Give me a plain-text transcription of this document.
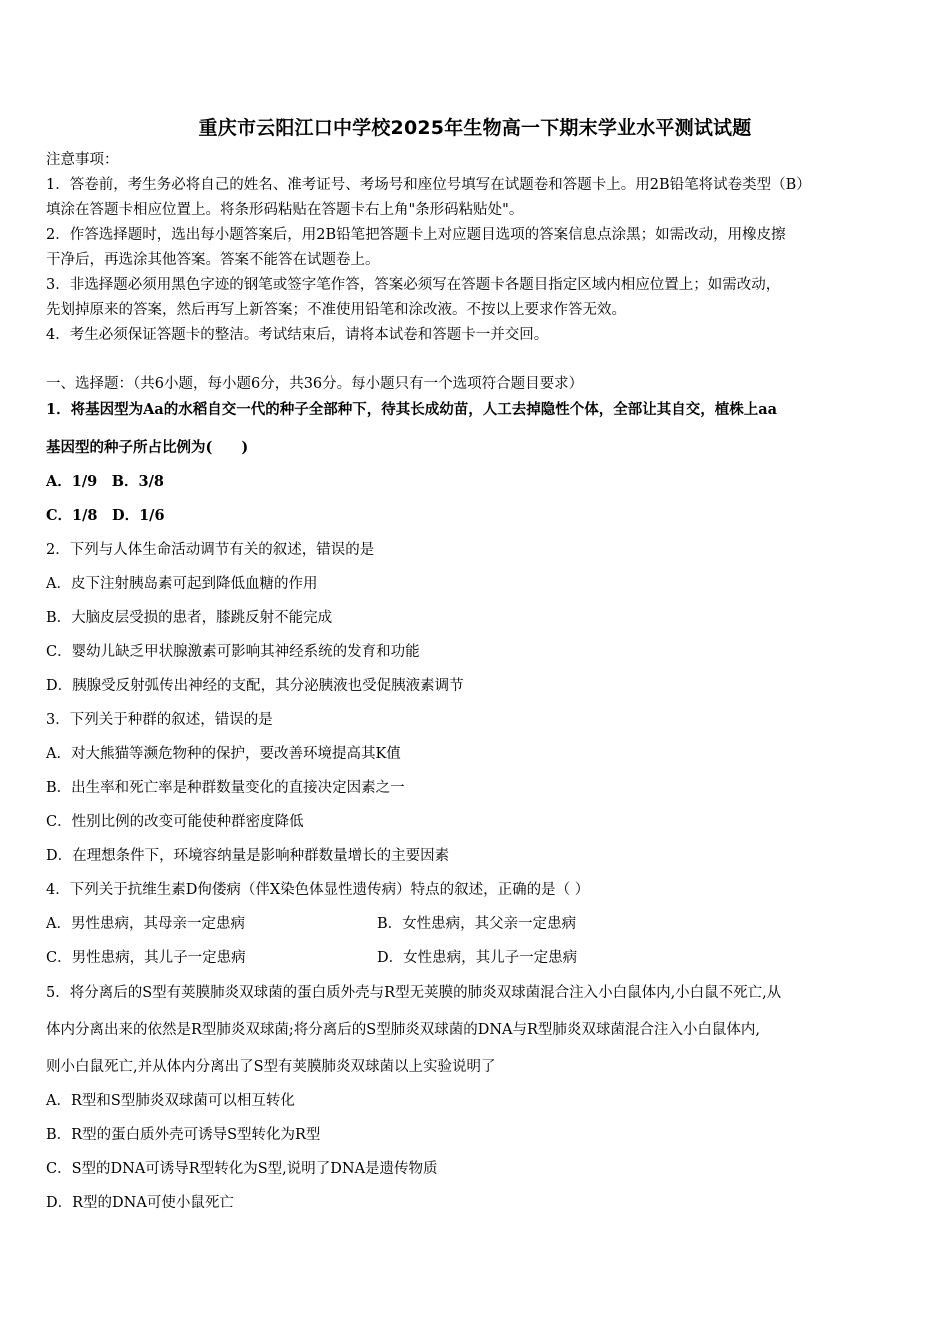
重庆市云阳江口中学校2025年生物高一下期末学业水平测试试题
注意事项：
1．答卷前，考生务必将自己的姓名、准考证号、考场号和座位号填写在试题卷和答题卡上。用2B铅笔将试卷类型（B）
填涂在答题卡相应位置上。将条形码粘贴在答题卡右上角"条形码粘贴处"。
2．作答选择题时，选出每小题答案后，用2B铅笔把答题卡上对应题目选项的答案信息点涂黑；如需改动，用橡皮擦
干净后，再选涂其他答案。答案不能答在试题卷上。
3．非选择题必须用黑色字迹的钢笔或签字笔作答，答案必须写在答题卡各题目指定区域内相应位置上；如需改动，
先划掉原来的答案，然后再写上新答案；不准使用铅笔和涂改液。不按以上要求作答无效。
4．考生必须保证答题卡的整洁。考试结束后，请将本试卷和答题卡一并交回。
一、选择题：（共6小题，每小题6分，共36分。每小题只有一个选项符合题目要求）
1．将基因型为Aa的水稻自交一代的种子全部种下，待其长成幼苗，人工去掉隐性个体，全部让其自交，植株上aa
基因型的种子所占比例为(　　)
A．1/9　B．3/8
C．1/8　D．1/6
2．下列与人体生命活动调节有关的叙述，错误的是
A．皮下注射胰岛素可起到降低血糖的作用
B．大脑皮层受损的患者，膝跳反射不能完成
C．婴幼儿缺乏甲状腺激素可影响其神经系统的发育和功能
D．胰腺受反射弧传出神经的支配，其分泌胰液也受促胰液素调节
3．下列关于种群的叙述，错误的是
A．对大熊猫等濒危物种的保护，要改善环境提高其K值
B．出生率和死亡率是种群数量变化的直接决定因素之一
C．性别比例的改变可能使种群密度降低
D．在理想条件下，环境容纳量是影响种群数量增长的主要因素
4．下列关于抗维生素D佝偻病（伴X染色体显性遗传病）特点的叙述，正确的是（ ）
A．男性患病，其母亲一定患病	B．女性患病，其父亲一定患病
C．男性患病，其儿子一定患病	D．女性患病，其儿子一定患病
5．将分离后的S型有荚膜肺炎双球菌的蛋白质外壳与R型无荚膜的肺炎双球菌混合注入小白鼠体内,小白鼠不死亡,从
体内分离出来的依然是R型肺炎双球菌;将分离后的S型肺炎双球菌的DNA与R型肺炎双球菌混合注入小白鼠体内,
则小白鼠死亡,并从体内分离出了S型有荚膜肺炎双球菌以上实验说明了
A．R型和S型肺炎双球菌可以相互转化
B．R型的蛋白质外壳可诱导S型转化为R型
C．S型的DNA可诱导R型转化为S型,说明了DNA是遗传物质
D．R型的DNA可使小鼠死亡
